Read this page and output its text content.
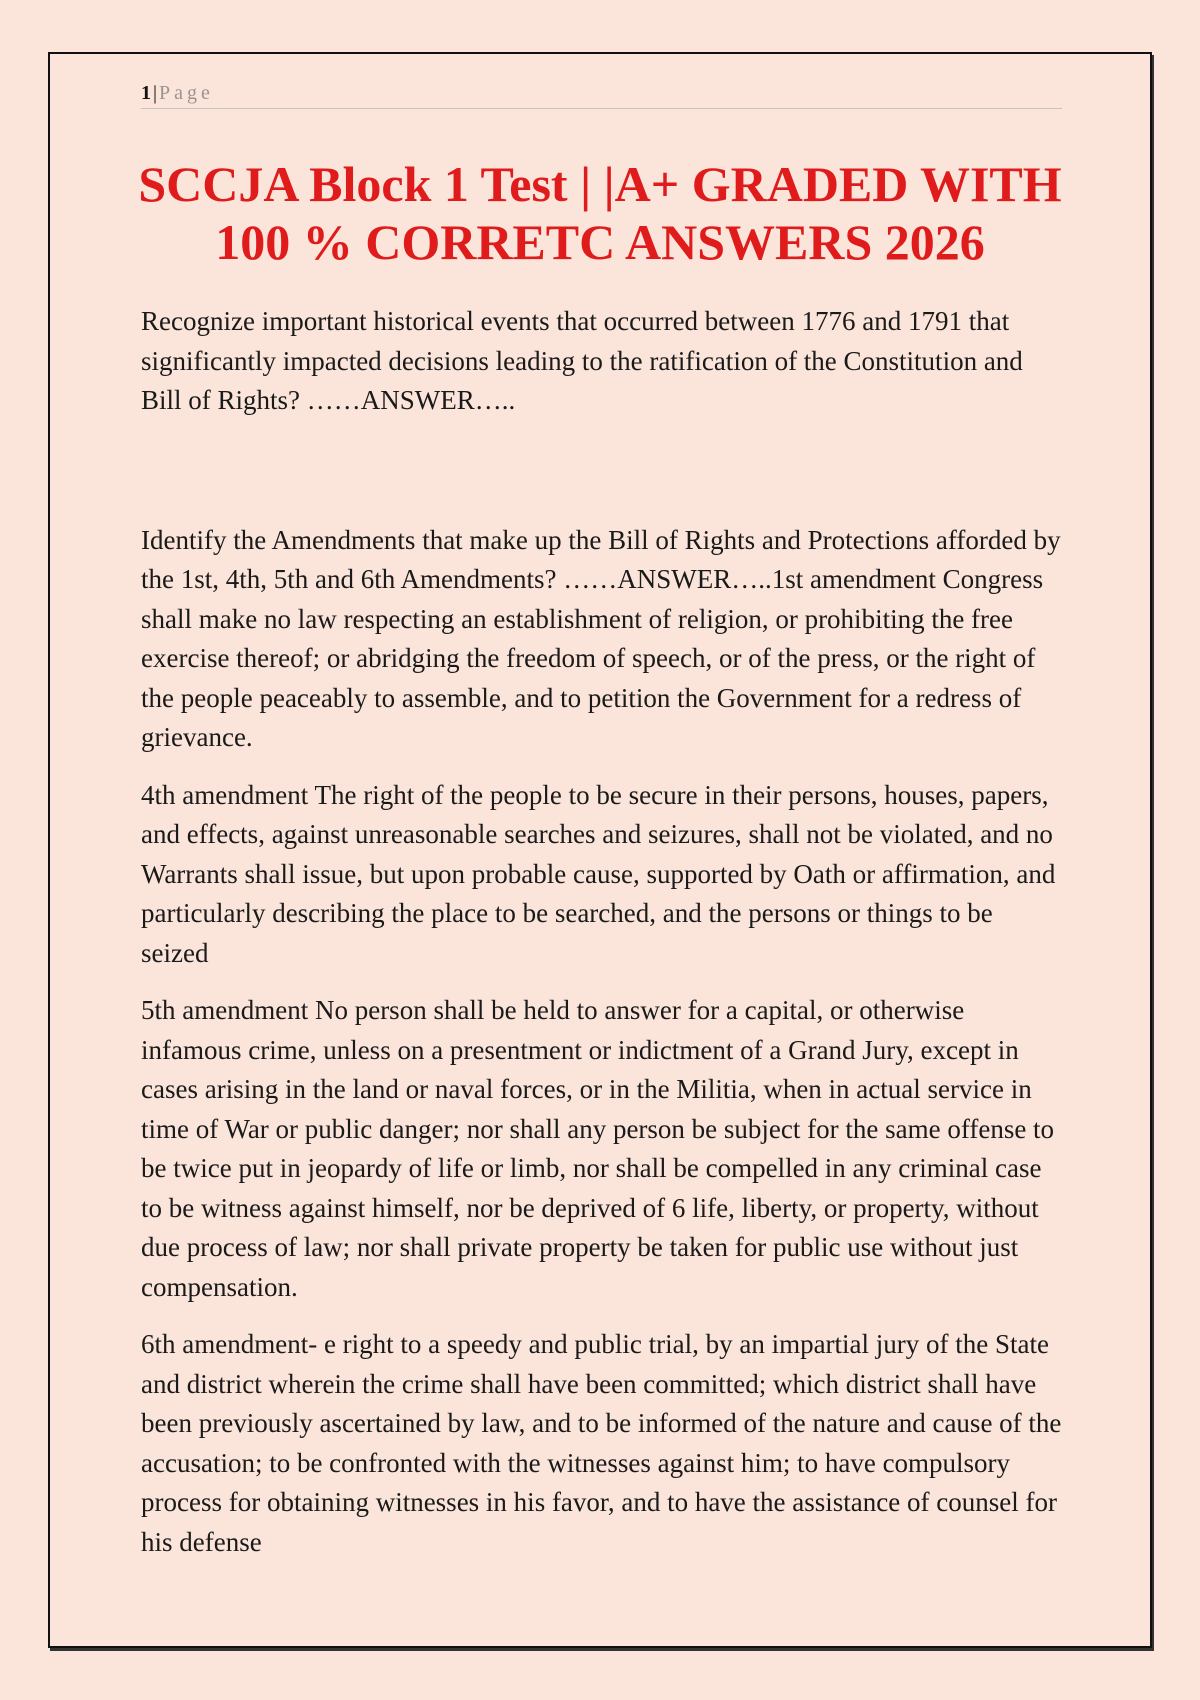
1 | Page
SCCJA Block 1 Test | |A+ GRADED WITH
100 % CORRETC ANSWERS 2026

Recognize important historical events that occurred between 1776 and 1791 that significantly impacted decisions leading to the ratification of the Constitution and Bill of Rights? ……ANSWER…..

Identify the Amendments that make up the Bill of Rights and Protections afforded by the 1st, 4th, 5th and 6th Amendments? ……ANSWER…..1st amendment Congress shall make no law respecting an establishment of religion, or prohibiting the free exercise thereof; or abridging the freedom of speech, or of the press, or the right of the people peaceably to assemble, and to petition the Government for a redress of grievance.

4th amendment The right of the people to be secure in their persons, houses, papers, and effects, against unreasonable searches and seizures, shall not be violated, and no Warrants shall issue, but upon probable cause, supported by Oath or affirmation, and particularly describing the place to be searched, and the persons or things to be seized

5th amendment No person shall be held to answer for a capital, or otherwise infamous crime, unless on a presentment or indictment of a Grand Jury, except in cases arising in the land or naval forces, or in the Militia, when in actual service in time of War or public danger; nor shall any person be subject for the same offense to be twice put in jeopardy of life or limb, nor shall be compelled in any criminal case to be witness against himself, nor be deprived of 6 life, liberty, or property, without due process of law; nor shall private property be taken for public use without just compensation.

6th amendment- e right to a speedy and public trial, by an impartial jury of the State and district wherein the crime shall have been committed; which district shall have been previously ascertained by law, and to be informed of the nature and cause of the accusation; to be confronted with the witnesses against him; to have compulsory process for obtaining witnesses in his favor, and to have the assistance of counsel for his defense
